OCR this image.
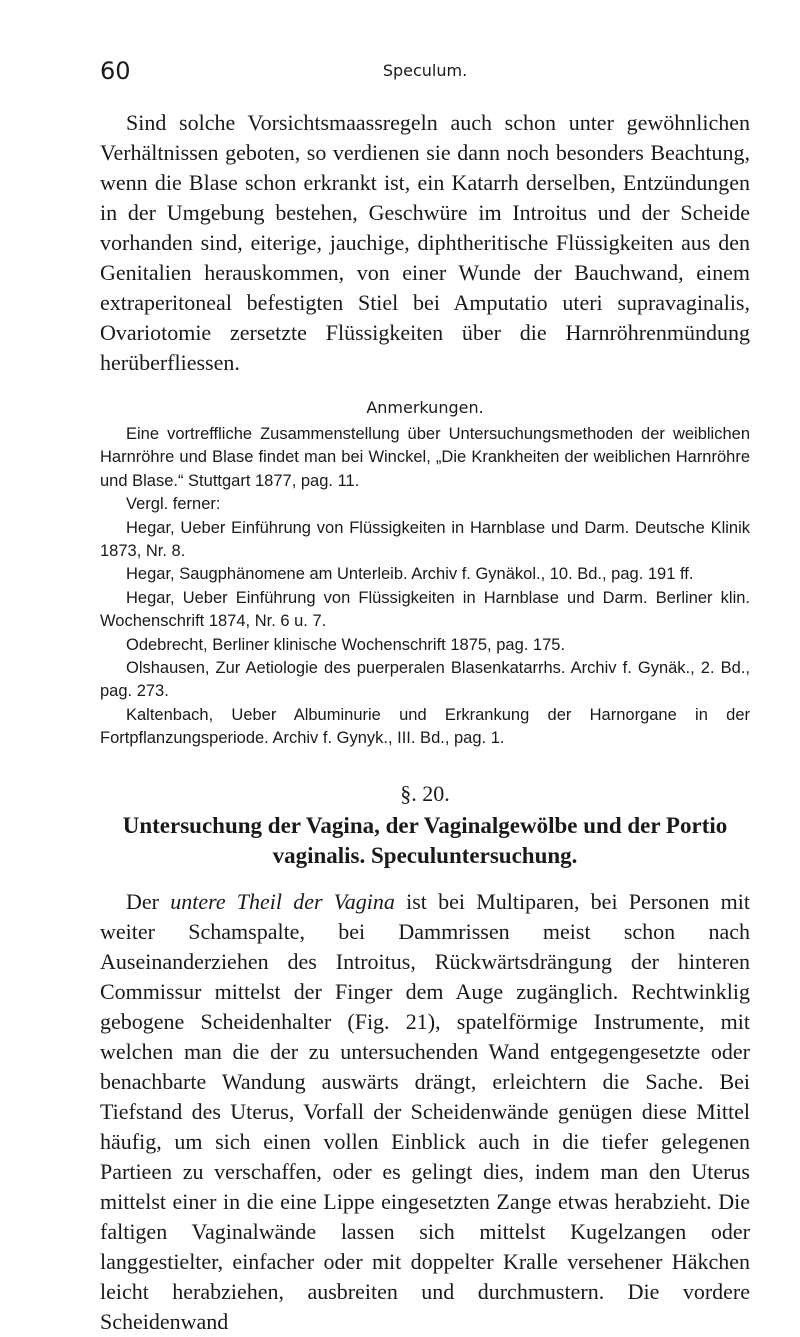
60	Speculum.

Sind solche Vorsichtsmaassregeln auch schon unter gewöhnlichen Verhältnissen geboten, so verdienen sie dann noch besonders Beachtung, wenn die Blase schon erkrankt ist, ein Katarrh derselben, Entzündungen in der Umgebung bestehen, Geschwüre im Introitus und der Scheide vorhanden sind, eiterige, jauchige, diphtheritische Flüssigkeiten aus den Genitalien herauskommen, von einer Wunde der Bauchwand, einem extraperitoneal befestigten Stiel bei Amputatio uteri supravaginalis, Ovariotomie zersetzte Flüssigkeiten über die Harnröhrenmündung herüberfliessen.

Anmerkungen.

Eine vortreffliche Zusammenstellung über Untersuchungsmethoden der weiblichen Harnröhre und Blase findet man bei Winckel, „Die Krankheiten der weiblichen Harnröhre und Blase.“ Stuttgart 1877, pag. 11.

Vergl. ferner:

Hegar, Ueber Einführung von Flüssigkeiten in Harnblase und Darm. Deutsche Klinik 1873, Nr. 8.

Hegar, Saugphänomene am Unterleib. Archiv f. Gynäkol., 10. Bd., pag. 191 ff.

Hegar, Ueber Einführung von Flüssigkeiten in Harnblase und Darm. Berliner klin. Wochenschrift 1874, Nr. 6 u. 7.

Odebrecht, Berliner klinische Wochenschrift 1875, pag. 175.

Olshausen, Zur Aetiologie des puerperalen Blasenkatarrhs. Archiv f. Gynäk., 2. Bd., pag. 273.

Kaltenbach, Ueber Albuminurie und Erkrankung der Harnorgane in der Fortpflanzungsperiode. Archiv f. Gynyk., III. Bd., pag. 1.

§. 20.
Untersuchung der Vagina, der Vaginalgewölbe und der Portio vaginalis. Speculuntersuchung.

Der untere Theil der Vagina ist bei Multiparen, bei Personen mit weiter Schamspalte, bei Dammrissen meist schon nach Auseinanderziehen des Introitus, Rückwärtsdrängung der hinteren Commissur mittelst der Finger dem Auge zugänglich. Rechtwinklig gebogene Scheidenhalter (Fig. 21), spatelförmige Instrumente, mit welchen man die der zu untersuchenden Wand entgegengesetzte oder benachbarte Wandung auswärts drängt, erleichtern die Sache. Bei Tiefstand des Uterus, Vorfall der Scheidenwände genügen diese Mittel häufig, um sich einen vollen Einblick auch in die tiefer gelegenen Partieen zu verschaffen, oder es gelingt dies, indem man den Uterus mittelst einer in die eine Lippe eingesetzten Zange etwas herabzieht. Die faltigen Vaginalwände lassen sich mittelst Kugelzangen oder langgestielter, einfacher oder mit doppelter Kralle versehener Häkchen leicht herabziehen, ausbreiten und durchmustern. Die vordere Scheidenwand
